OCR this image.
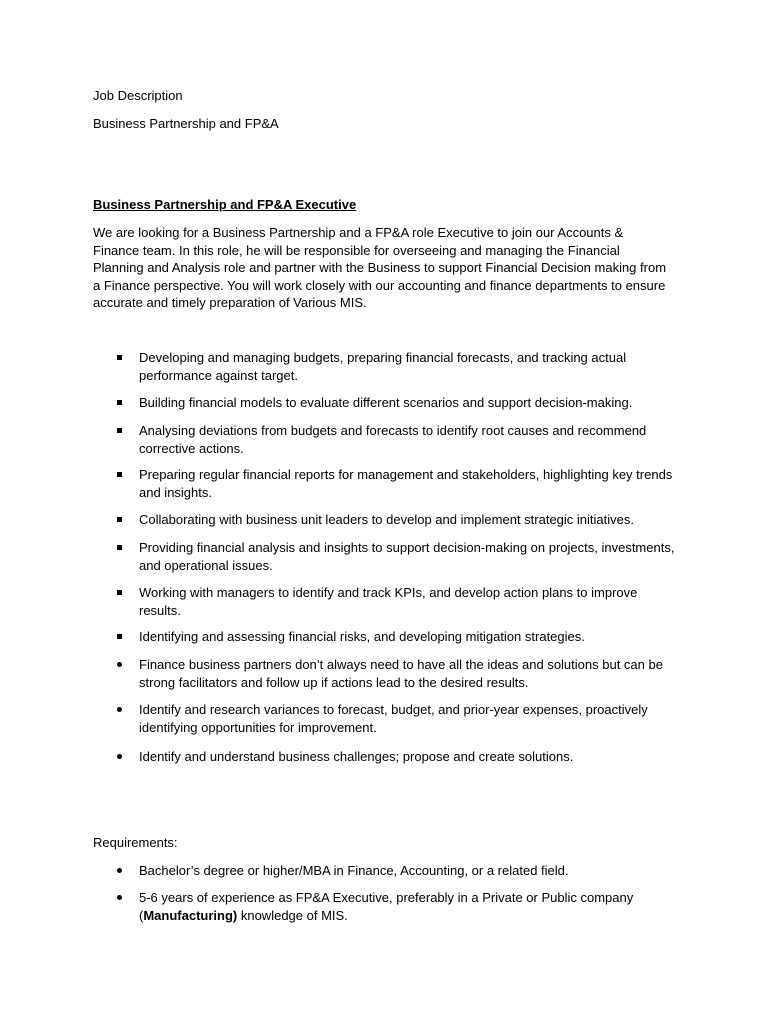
Job Description

Business Partnership and FP&A

Business Partnership and FP&A Executive

We are looking for a Business Partnership and a FP&A role Executive to join our Accounts & Finance team. In this role, he will be responsible for overseeing and managing the Financial Planning and Analysis role and partner with the Business to support Financial Decision making from a Finance perspective. You will work closely with our accounting and finance departments to ensure accurate and timely preparation of Various MIS.

Developing and managing budgets, preparing financial forecasts, and tracking actual performance against target.

Building financial models to evaluate different scenarios and support decision-making.

Analysing deviations from budgets and forecasts to identify root causes and recommend corrective actions.

Preparing regular financial reports for management and stakeholders, highlighting key trends and insights.

Collaborating with business unit leaders to develop and implement strategic initiatives.

Providing financial analysis and insights to support decision-making on projects, investments, and operational issues.

Working with managers to identify and track KPIs, and develop action plans to improve results.

Identifying and assessing financial risks, and developing mitigation strategies.

Finance business partners don’t always need to have all the ideas and solutions but can be strong facilitators and follow up if actions lead to the desired results.

Identify and research variances to forecast, budget, and prior-year expenses, proactively identifying opportunities for improvement.

Identify and understand business challenges; propose and create solutions.

Requirements:

Bachelor’s degree or higher/MBA in Finance, Accounting, or a related field.

5-6 years of experience as FP&A Executive, preferably in a Private or Public company (Manufacturing) knowledge of MIS.
